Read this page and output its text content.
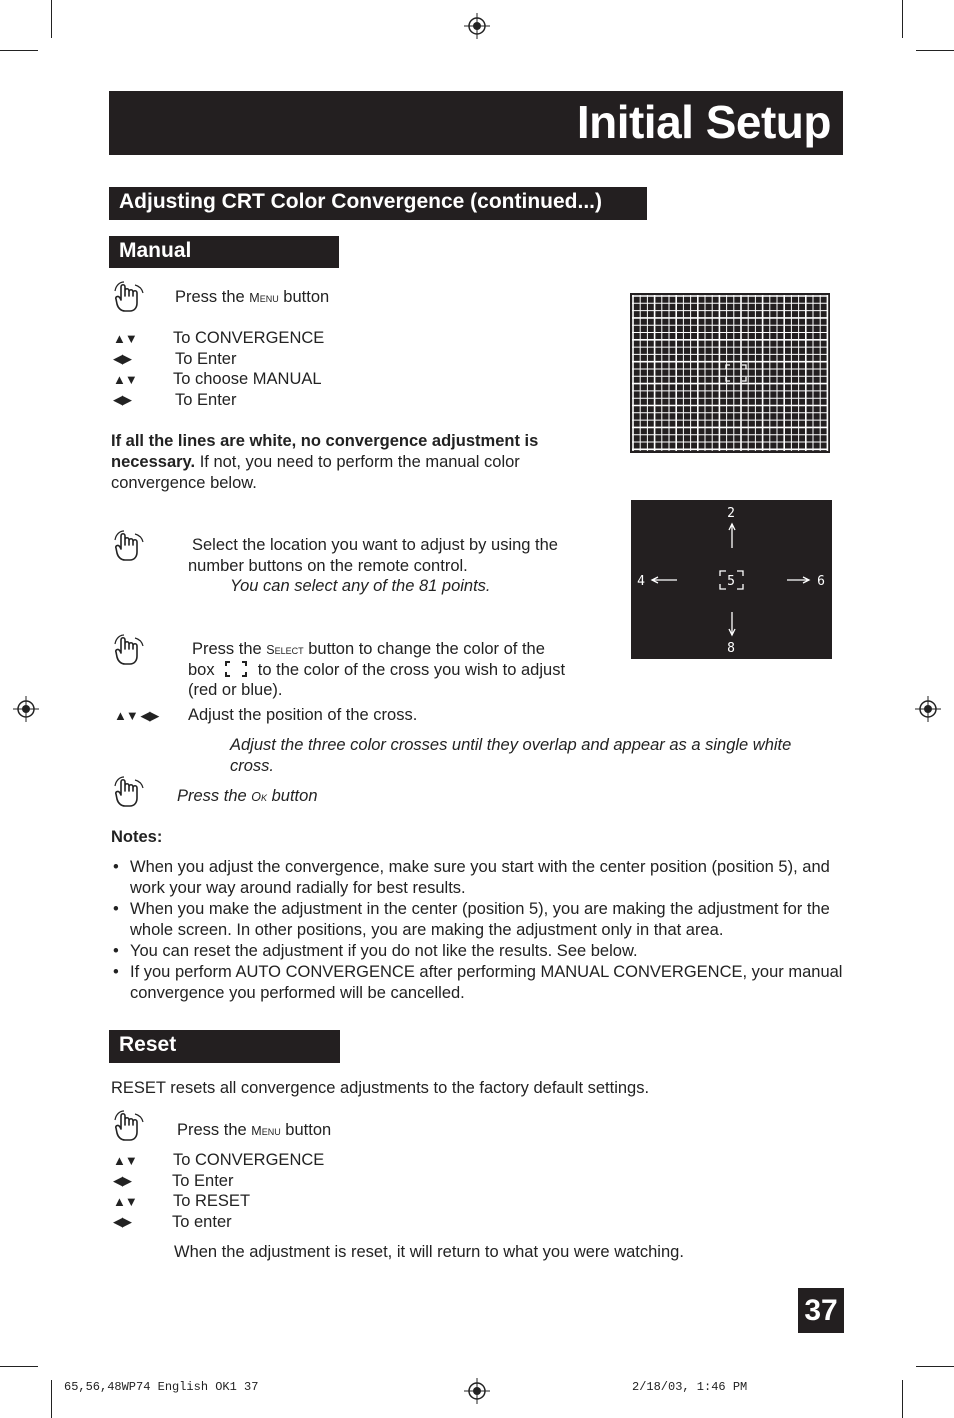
Initial Setup
Adjusting CRT Color Convergence (continued...)
Manual
Press the Menu button
▲▼ To CONVERGENCE
◀▶	To Enter
▲▼ To choose MANUAL
◀▶	To Enter
If all the lines are white, no convergence adjustment is necessary. If not, you need to perform the manual color convergence below.
2
4	5	6
8
Select the location you want to adjust by using the number buttons on the remote control.
You can select any of the 81 points.
Press the Select button to change the color of the
box  to the color of the cross you wish to adjust
(red or blue).
▲▼ ◀▶ Adjust the position of the cross.
Adjust the three color crosses until they overlap and appear as a single white cross.
Press the Ok button
Notes:
• When you adjust the convergence, make sure you start with the center position (position 5), and work your way around radially for best results.
• When you make the adjustment in the center (position 5), you are making the adjustment for the whole screen. In other positions, you are making the adjustment only in that area.
• You can reset the adjustment if you do not like the results. See below.
• If you perform AUTO CONVERGENCE after performing MANUAL CONVERGENCE, your manual convergence you performed will be cancelled.
Reset
RESET resets all convergence adjustments to the factory default settings.
Press the Menu button
▲▼ To CONVERGENCE
◀▶ To Enter
▲▼ To RESET
◀▶ To enter
When the adjustment is reset, it will return to what you were watching.
37
65,56,48WP74 English OK1 37	2/18/03, 1:46 PM
